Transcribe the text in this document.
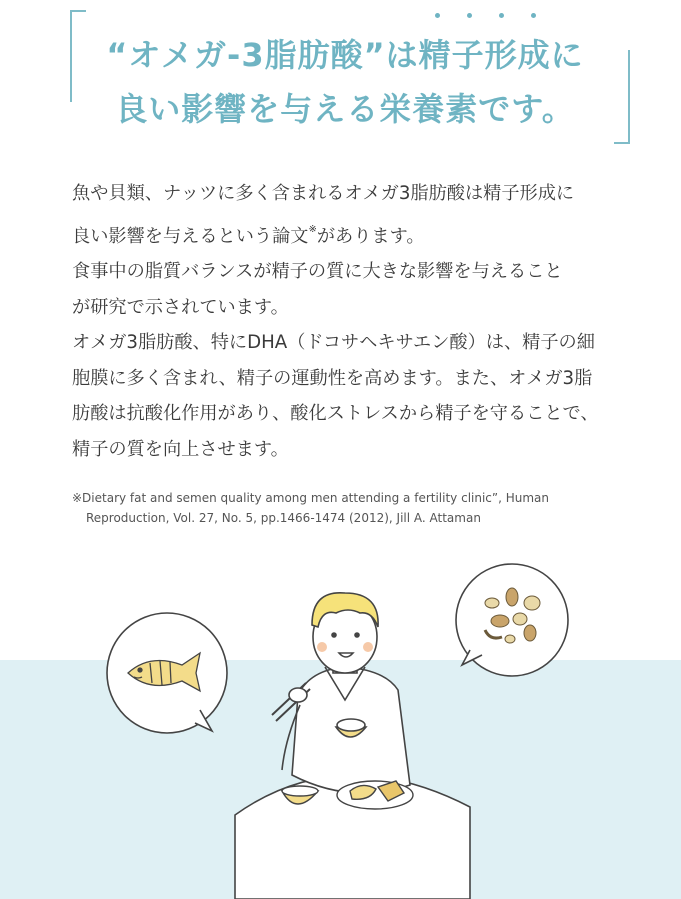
“オメガ-3脂肪酸”は精子形成に
良い影響を与える栄養素です。

魚や貝類、ナッツに多く含まれるオメガ3脂肪酸は精子形成に

良い影響を与えるという論文※があります。

食事中の脂質バランスが精子の質に大きな影響を与えること

が研究で示されています。

オメガ3脂肪酸、特にDHA（ドコサヘキサエン酸）は、精子の細

胞膜に多く含まれ、精子の運動性を高めます。また、オメガ3脂

肪酸は抗酸化作用があり、酸化ストレスから精子を守ることで、

精子の質を向上させます。

※Dietary fat and semen quality among men attending a fertility clinic”, Human

Reproduction, Vol. 27, No. 5, pp.1466-1474 (2012), Jill A. Attaman
